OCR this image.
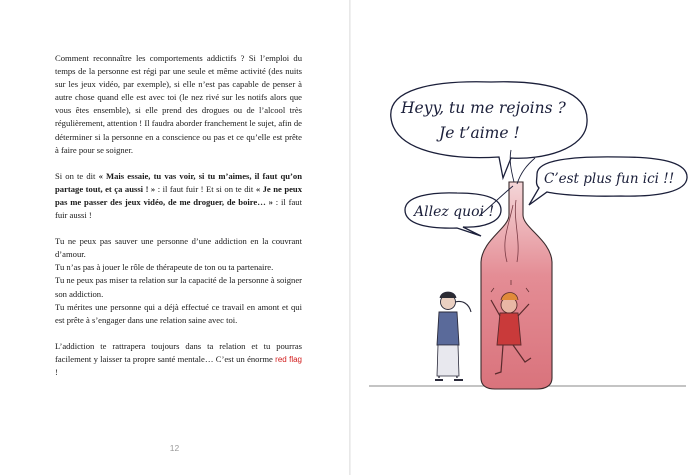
Comment reconnaître les comportements addictifs ? Si l’emploi du temps de la personne est régi par une seule et même activité (des nuits sur les jeux vidéo, par exemple), si elle n’est pas capable de penser à autre chose quand elle est avec toi (le nez rivé sur les notifs alors que vous êtes ensemble), si elle prend des drogues ou de l’alcool très régulièrement, attention ! Il faudra aborder franchement le sujet, afin de déterminer si la personne en a conscience ou pas et ce qu’elle est prête à faire pour se soigner.

Si on te dit « Mais essaie, tu vas voir, si tu m’aimes, il faut qu’on partage tout, et ça aussi ! » : il faut fuir ! Et si on te dit « Je ne peux pas me passer des jeux vidéo, de me droguer, de boire… » : il faut fuir aussi !

Tu ne peux pas sauver une personne d’une addiction en la couvrant d’amour.
Tu n’as pas à jouer le rôle de thérapeute de ton ou ta partenaire.
Tu ne peux pas miser ta relation sur la capacité de la personne à soigner son addiction.
Tu mérites une personne qui a déjà effectué ce travail en amont et qui est prête à s’engager dans une relation saine avec toi.

L’addiction te rattrapera toujours dans ta relation et tu pourras facilement y laisser ta propre santé mentale… C’est un énorme red flag !

12
Heyy, tu me rejoins ?
Je t’aime !
C’est plus fun ici !!
Allez quoi !
